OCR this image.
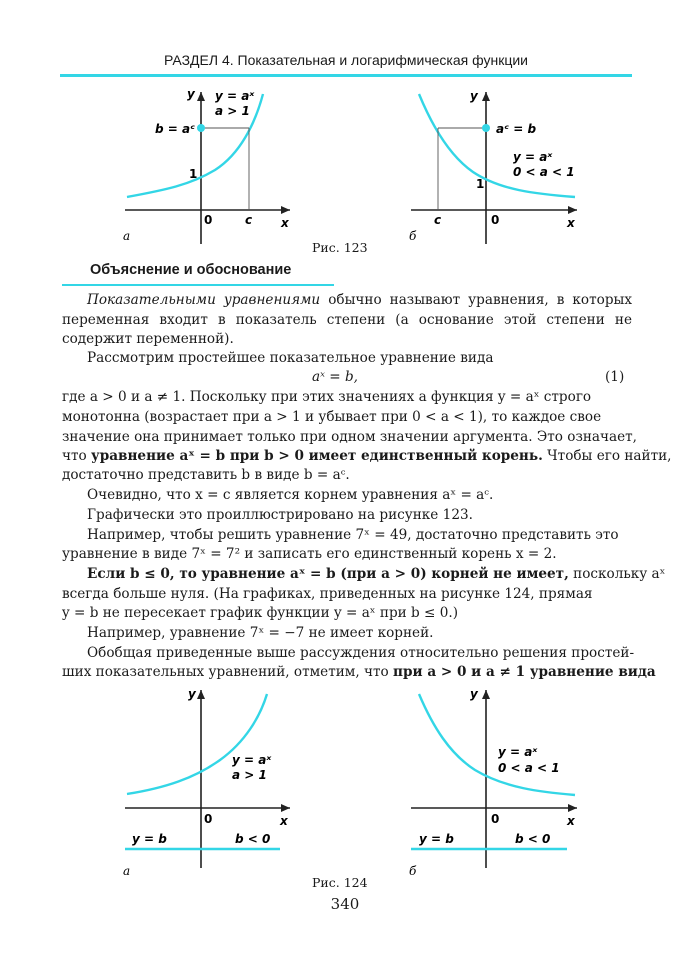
РАЗДЕЛ 4. Показательная и логарифмическая функции
y y = aˣ
a > 1
b = aᶜ
1
0	c x
а
y
aᶜ = b
y = aˣ
0 < a < 1
1
0
c	x
б
Рис. 123
Объяснение и обоснование
Показательными уравнениями обычно называют уравнения, в которых переменная входит в показатель степени (а основание этой степени не содержит переменной).
Рассмотрим простейшее показательное уравнение вида
aˣ = b,	(1)
где a > 0 и a ≠ 1. Поскольку при этих значениях a функция y = aˣ строго
монотонна (возрастает при a > 1 и убывает при 0 < a < 1), то каждое свое
значение она принимает только при одном значении аргумента. Это означает,
что уравнение aˣ = b при b > 0 имеет единственный корень. Чтобы его найти,
достаточно представить b в виде b = aᶜ.
Очевидно, что x = c является корнем уравнения aˣ = aᶜ.
Графически это проиллюстрировано на рисунке 123.
Например, чтобы решить уравнение 7ˣ = 49, достаточно представить это
уравнение в виде 7ˣ = 7² и записать его единственный корень x = 2.
Если b ≤ 0, то уравнение aˣ = b (при a > 0) корней не имеет, поскольку aˣ
всегда больше нуля. (На графиках, приведенных на рисунке 124, прямая
y = b не пересекает график функции y = aˣ при b ≤ 0.)
Например, уравнение 7ˣ = −7 не имеет корней.
Обобщая приведенные выше рассуждения относительно решения простей-
ших показательных уравнений, отметим, что при a > 0 и a ≠ 1 уравнение вида
y
y = aˣ
a > 1
0	x
y = b	b < 0
а
y
y = aˣ
0 < a < 1
0	x
y = b	b < 0
б
Рис. 124
340
